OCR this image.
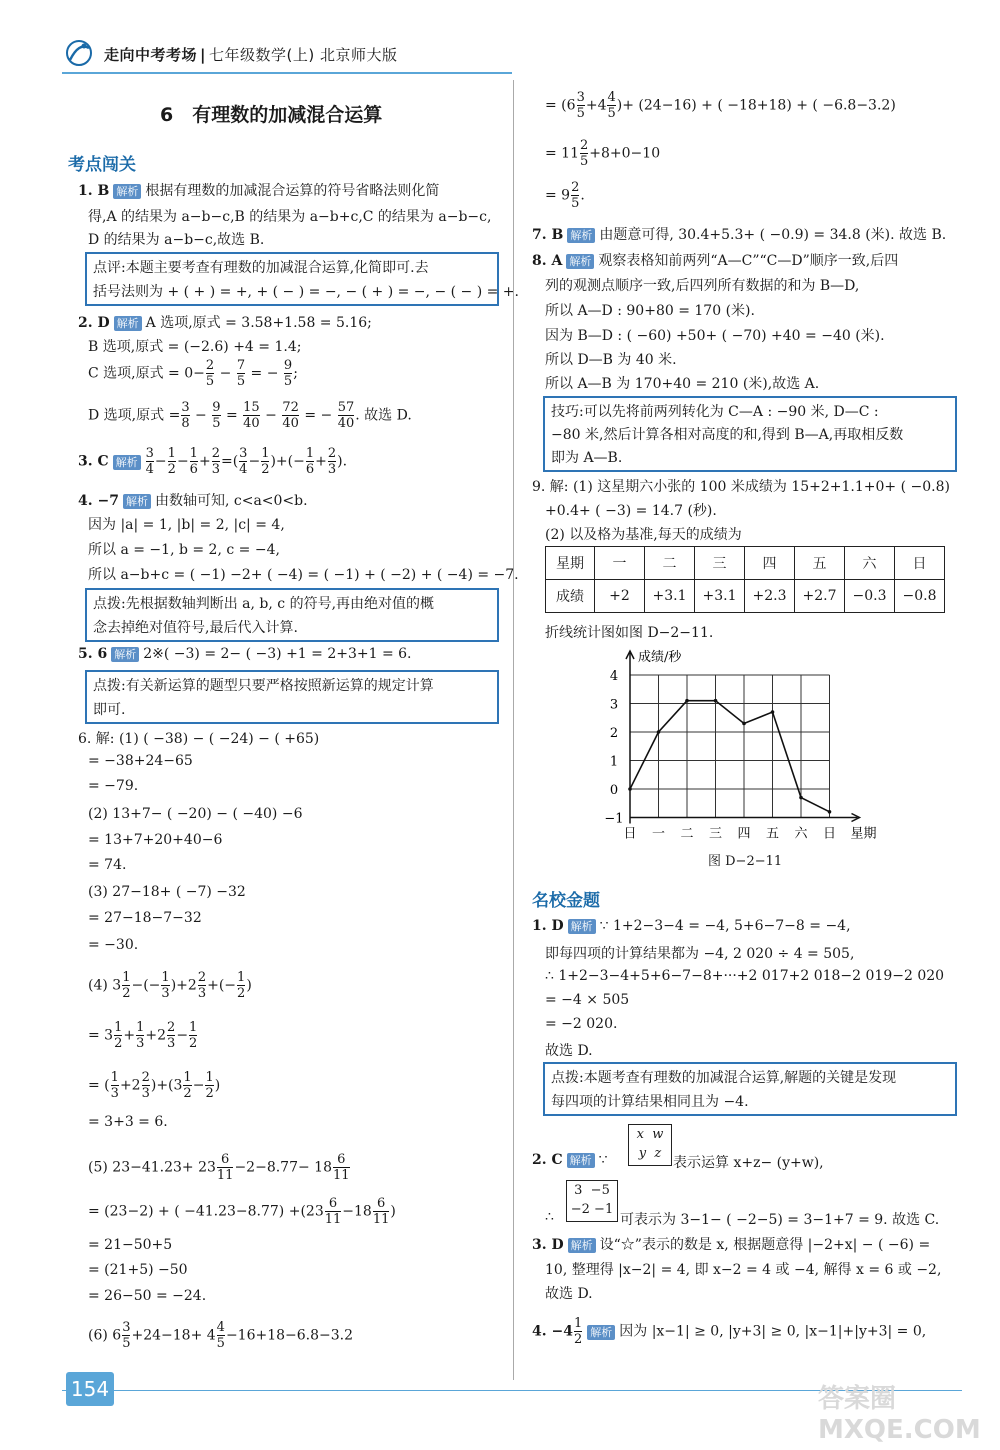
走向中考考场 | 七年级数学(上) 北京师大版
6　有理数的加减混合运算
考点闯关
1. B 解析 根据有理数的加减混合运算的符号省略法则化简
得,A 的结果为 a−b−c,B 的结果为 a−b+c,C 的结果为 a−b−c,
D 的结果为 a−b−c,故选 B.
点评:本题主要考查有理数的加减混合运算,化简即可.去
括号法则为 + ( + ) = +, + ( − ) = −, − ( + ) = −, − ( − ) = +.
2. D 解析 A 选项,原式 = 3.58+1.58 = 5.16;
B 选项,原式 = (−2.6) +4 = 1.4;
C 选项,原式 = $0- \frac{2}{5} - \frac{7}{5}$ = − $\frac{9}{5}$ ;
D 选项,原式 = $\frac{3}{8} - \frac{9}{5} = \frac{15}{40} - \frac{72}{40}$ = − $\frac{57}{40}$ . 故选 D.
3. C 解析 $\frac{3}{4} - \frac{1}{2} - \frac{1}{6} + \frac{2}{3}$ =( $\frac{3}{4} - \frac{1}{2}$ )+(− $\frac{1}{6} + \frac{2}{3}$ ).
4. −7 解析 由数轴可知, c<a<0<b.
因为 |a| = 1, |b| = 2, |c| = 4,
所以 a = −1, b = 2, c = −4,
所以 a−b+c = ( −1) −2+ ( −4) = ( −1) + ( −2) + ( −4) = −7.
点拨:先根据数轴判断出 a, b, c 的符号,再由绝对值的概
念去掉绝对值符号,最后代入计算.
5. 6 解析 2※( −3) = 2− ( −3) +1 = 2+3+1 = 6.
点拨:有关新运算的题型只要严格按照新运算的规定计算
即可.
6. 解: (1) ( −38) − ( −24) − ( +65)
= −38+24−65
= −79.
(2) 13+7− ( −20) − ( −40) −6
= 13+7+20+40−6
= 74.
(3) 27−18+ ( −7) −32
= 27−18−7−32
= −30.
(4) $3 \frac{1}{2}$ −(− $\frac{1}{3} )+2 \frac{2}{3}$ +(− $\frac{1}{2}$ )
= $3 \frac{1}{2} + \frac{1}{3} +2 \frac{2}{3} - \frac{1}{2}$
= ( $\frac{1}{3} +2 \frac{2}{3} )+(3 \frac{1}{2} - \frac{1}{2}$ )
= 3+3 = 6.
(5) $23-41.23+ 23 \frac{6}{11} -2-8.77- 18 \frac{6}{11}$
= (23−2) + ( $-41.23-8.77) +(23 \frac{6}{11} -18 \frac{6}{11}$ )
= 21−50+5
= (21+5) −50
= 26−50 = −24.
(6) $6 \frac{3}{5} +24-18+ 4 \frac{4}{5} -16+18-6.8-3.2$
= ($6 \frac{3}{5} +4 \frac{4}{5}$ )+ (24−16) + ( −18+18) + ( −6.8−3.2)
= $11 \frac{2}{5} +8+0-10$
= $9 \frac{2}{5}$ .
7. B 解析 由题意可得, 30.4+5.3+ ( −0.9) = 34.8 (米). 故选 B.
8. A 解析 观察表格知前两列“A—C”“C—D”顺序一致,后四
列的观测点顺序一致,后四列所有数据的和为 B—D,
所以 A—D : 90+80 = 170 (米).
因为 B—D : ( −60) +50+ ( −70) +40 = −40 (米).
所以 D—B 为 40 米.
所以 A—B 为 170+40 = 210 (米),故选 A.
技巧:可以先将前两列转化为 C—A : −90 米, D—C :
−80 米,然后计算各相对高度的和,得到 B—A,再取相反数
即为 A—B.
9. 解: (1) 这星期六小张的 100 米成绩为 15+2+1.1+0+ ( −0.8)
+0.4+ ( −3) = 14.7 (秒).
(2) 以及格为基准,每天的成绩为
星期	一	二	三	四	五	六	日
成绩	+2	+3.1	+3.1	+2.3	+2.7	−0.3	−0.8
折线统计图如图 D−2−11.
4
3
2
1
0
−1
日 一 二 三 四 五 六 日 星期
成绩/秒
图 D−2−11
名校金题
1. D 解析 ∵ 1+2−3−4 = −4, 5+6−7−8 = −4,
即每四项的计算结果都为 −4, 2 020 ÷ 4 = 505,
∴ 1+2−3−4+5+6−7−8+···+2 017+2 018−2 019−2 020
= −4 × 505
= −2 020.
故选 D.
点拨:本题考查有理数的加减混合运算,解题的关键是发现
每四项的计算结果相同且为 −4.
2. C 解析 ∵
x  w
y  z
表示运算 x+z− (y+w),
∴
3  −5
−2 −1
可表示为 3−1− ( −2−5) = 3−1+7 = 9. 故选 C.
3. D 解析 设“☆”表示的数是 x, 根据题意得 |−2+x| − ( −6) =
10, 整理得 |x−2| = 4, 即 x−2 = 4 或 −4, 解得 x = 6 或 −2,
故选 D.
4. $-4 \frac{1}{2}$ 解析 因为 |x−1| ≥ 0, |y+3| ≥ 0, |x−1|+|y+3| = 0,
154	答案圈 MXQE.COM
